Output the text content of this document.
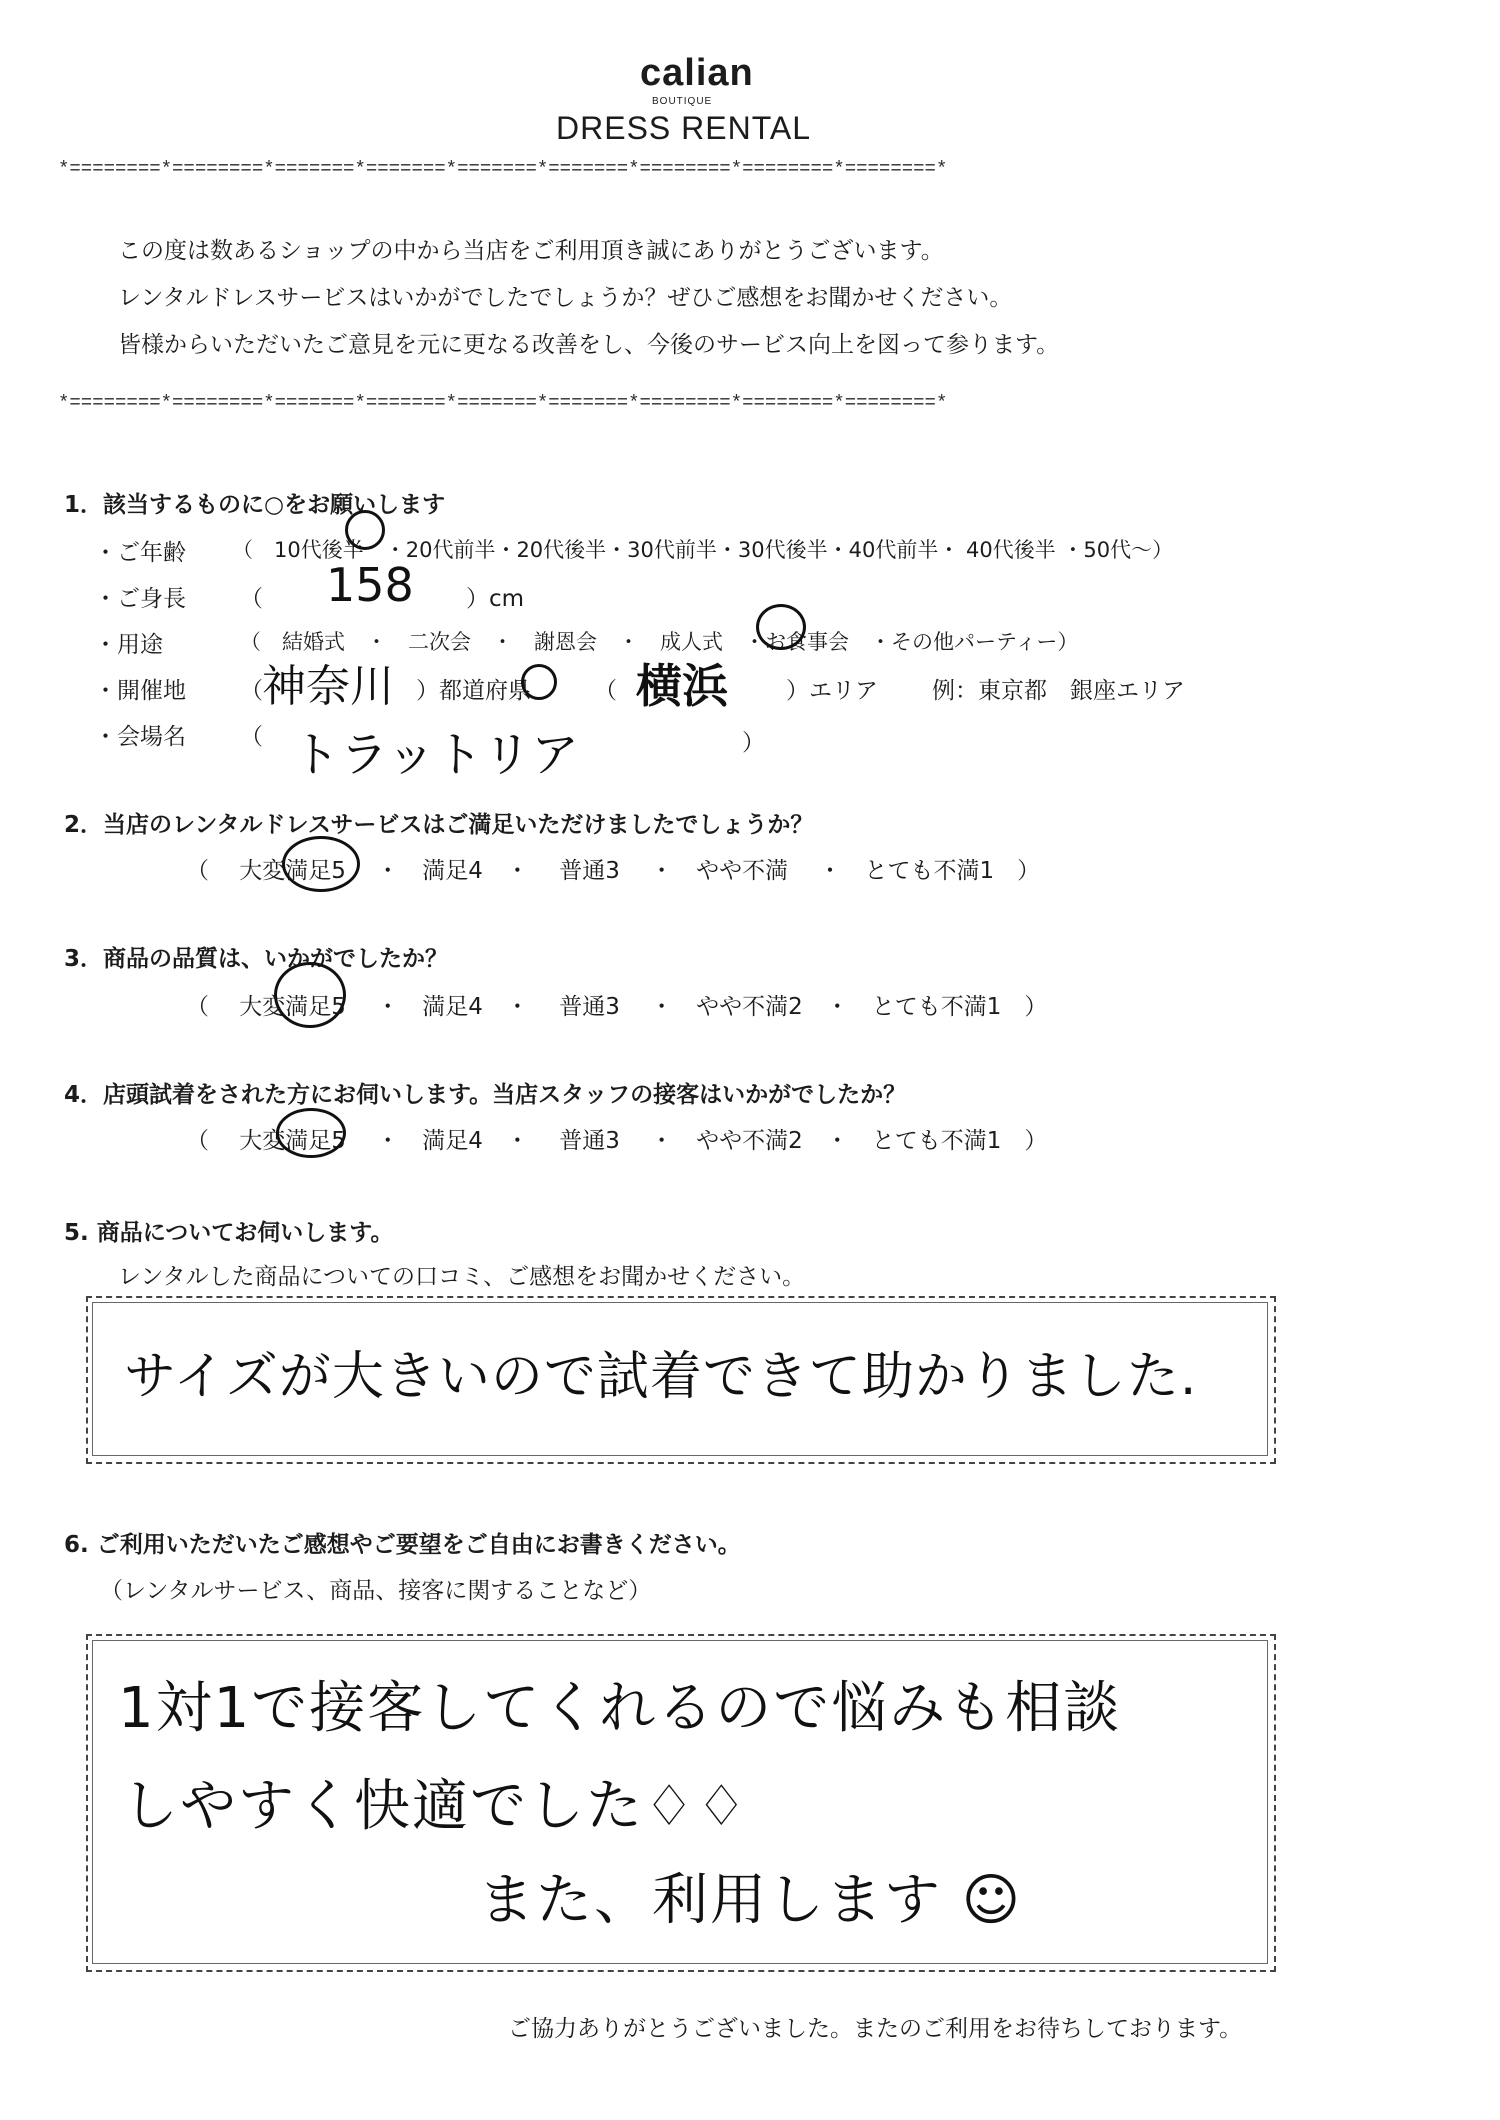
calian
BOUTIQUE
DRESS RENTAL
*========*========*=======*=======*=======*=======*========*========*========*
この度は数あるショップの中から当店をご利用頂き誠にありがとうございます。
レンタルドレスサービスはいかがでしたでしょうか？ぜひご感想をお聞かせください。
皆様からいただいたご意見を元に更なる改善をし、今後のサービス向上を図って参ります。
*========*========*=======*=======*=======*=======*========*========*========*
1．該当するものに○をお願いします
・ご年齢 （　10代後半　・20代前半・20代後半・30代前半・30代後半・40代前半・ 40代後半 ・50代～）
・ご身長 （ 158 ）cm
・用途	（　結婚式　・　二次会　・　謝恩会　・　成人式　・お食事会　・その他パーティー）
・開催地 （ 神奈川 ）都道府県	（ 横浜	）エリア 例：東京都　銀座エリア
・会場名 （ トラットリア	）
2．当店のレンタルドレスサービスはご満足いただけましたでしょうか？
（　 大変満足5　 ・　満足4　・　 普通3　 ・　やや不満　 ・　とても不満1　）
3．商品の品質は、いかがでしたか？
（　 大変満足5　 ・　満足4　・　 普通3　 ・　やや不満2　・　とても不満1　）
4．店頭試着をされた方にお伺いします。当店スタッフの接客はいかがでしたか？
（　 大変満足5　 ・　満足4　・　 普通3　 ・　やや不満2　・　とても不満1　）
5. 商品についてお伺いします。
レンタルした商品についての口コミ、ご感想をお聞かせください。
サイズが大きいので試着できて助かりました.
6. ご利用いただいたご感想やご要望をご自由にお書きください。
（レンタルサービス、商品、接客に関することなど）
1対1で接客してくれるので悩みも相談
しやすく快適でした♢♢
また、利用します ☺
ご協力ありがとうございました。またのご利用をお待ちしております。
